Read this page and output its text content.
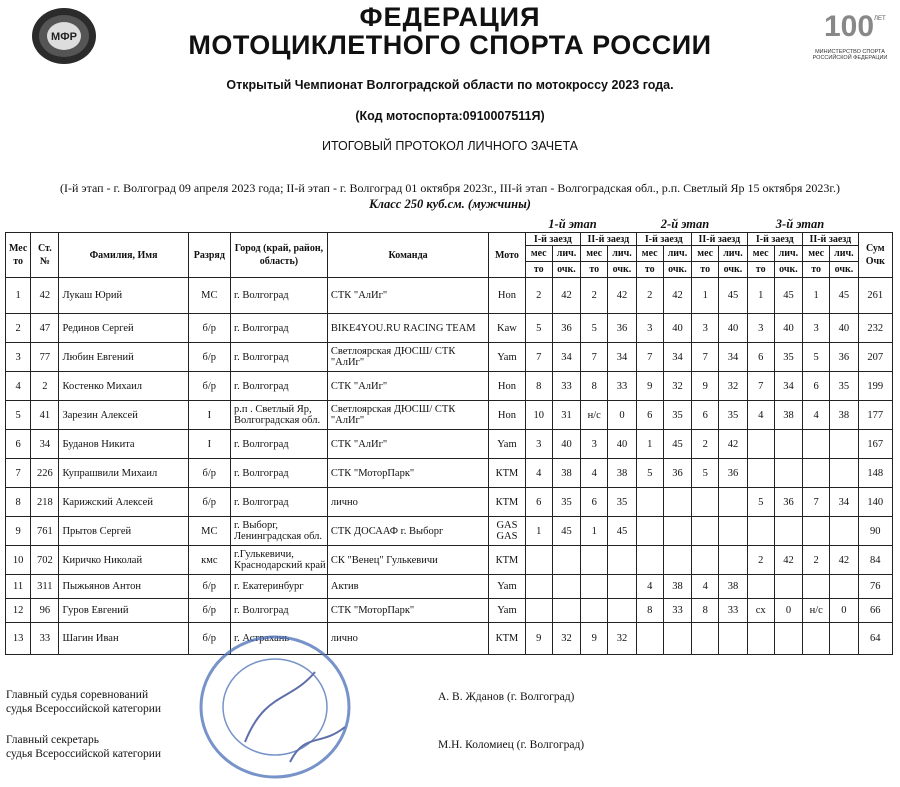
МФР	100 ЛЕТ
МИНИСТЕРСТВО СПОРТА РОССИЙСКОЙ ФЕДЕРАЦИИ
ФЕДЕРАЦИЯ
МОТОЦИКЛЕТНОГО СПОРТА РОССИИ
Открытый Чемпионат Волгоградской области по мотокроссу 2023 года.
(Код мотоспорта:0910007511Я)
ИТОГОВЫЙ ПРОТОКОЛ ЛИЧНОГО ЗАЧЕТА
(I-й этап - г. Волгоград 09 апреля 2023 года; II-й этап - г. Волгоград 01 октября 2023г., III-й этап - Волгоградская обл., р.п. Светлый Яр 15 октября 2023г.)
Класс 250 куб.см. (мужчины)
1-й этап	2-й этап	3-й этап
Мес то	Ст. №	Фамилия, Имя	Разряд	Город (край, район, область)	Команда	Мото	I-й заезд		II-й заезд		I-й заезд		II-й заезд		I-й заезд		II-й заезд		Сум Очк
							мес	лич.	мес	лич.	мес	лич.	мес	лич.	мес	лич.	мес	лич.	
							то	очк.	то	очк.	то	очк.	то	очк.	то	очк.	то	очк.	
1	42	Лукаш Юрий	МС	г. Волгоград	СТК "АлИг"	Hon	2	42	2	42	2	42	1	45	1	45	1	45	261
2	47	Рединов Сергей	б/р	г. Волгоград	BIKE4YOU.RU RACING TEAM	Kaw	5	36	5	36	3	40	3	40	3	40	3	40	232
3	77	Любин Евгений	б/р	г. Волгоград	Светлоярская ДЮСШ/ СТК "АлИг"	Yam	7	34	7	34	7	34	7	34	6	35	5	36	207
4	2	Костенко Михаил	б/р	г. Волгоград	СТК "АлИг"	Hon	8	33	8	33	9	32	9	32	7	34	6	35	199
5	41	Зарезин Алексей	I	р.п . Светлый Яр, Волгоградская обл.	Светлоярская ДЮСШ/ СТК "АлИг"	Hon	10	31	н/с	0	6	35	6	35	4	38	4	38	177
6	34	Буданов Никита	I	г. Волгоград	СТК "АлИг"	Yam	3	40	3	40	1	45	2	42					167
7	226	Купрашвили Михаил	б/р	г. Волгоград	СТК "МоторПарк"	КТМ	4	38	4	38	5	36	5	36					148
8	218	Карижский Алексей	б/р	г. Волгоград	лично	КТМ	6	35	6	35					5	36	7	34	140
9	761	Прытов Сергей	МС	г. Выборг, Ленинградская обл.	СТК ДОСААФ г. Выборг	GAS GAS	1	45	1	45									90
10	702	Киричко Николай	кмс	г.Гулькевичи, Краснодарский край	СК "Венец" Гулькевичи	КТМ									2	42	2	42	84
11	311	Пыжьянов Антон	б/р	г. Екатеринбург	Актив	Yam					4	38	4	38					76
12	96	Гуров Евгений	б/р	г. Волгоград	СТК "МоторПарк"	Yam					8	33	8	33	сх	0	н/с	0	66
13	33	Шагин Иван	б/р	г. Астрахань	лично	КТМ	9	32	9	32									64
Главный судья соревнований
судья Всероссийской категории
А. В. Жданов (г. Волгоград)
Главный секретарь
судья Всероссийской категории
М.Н. Коломиец (г. Волгоград)
